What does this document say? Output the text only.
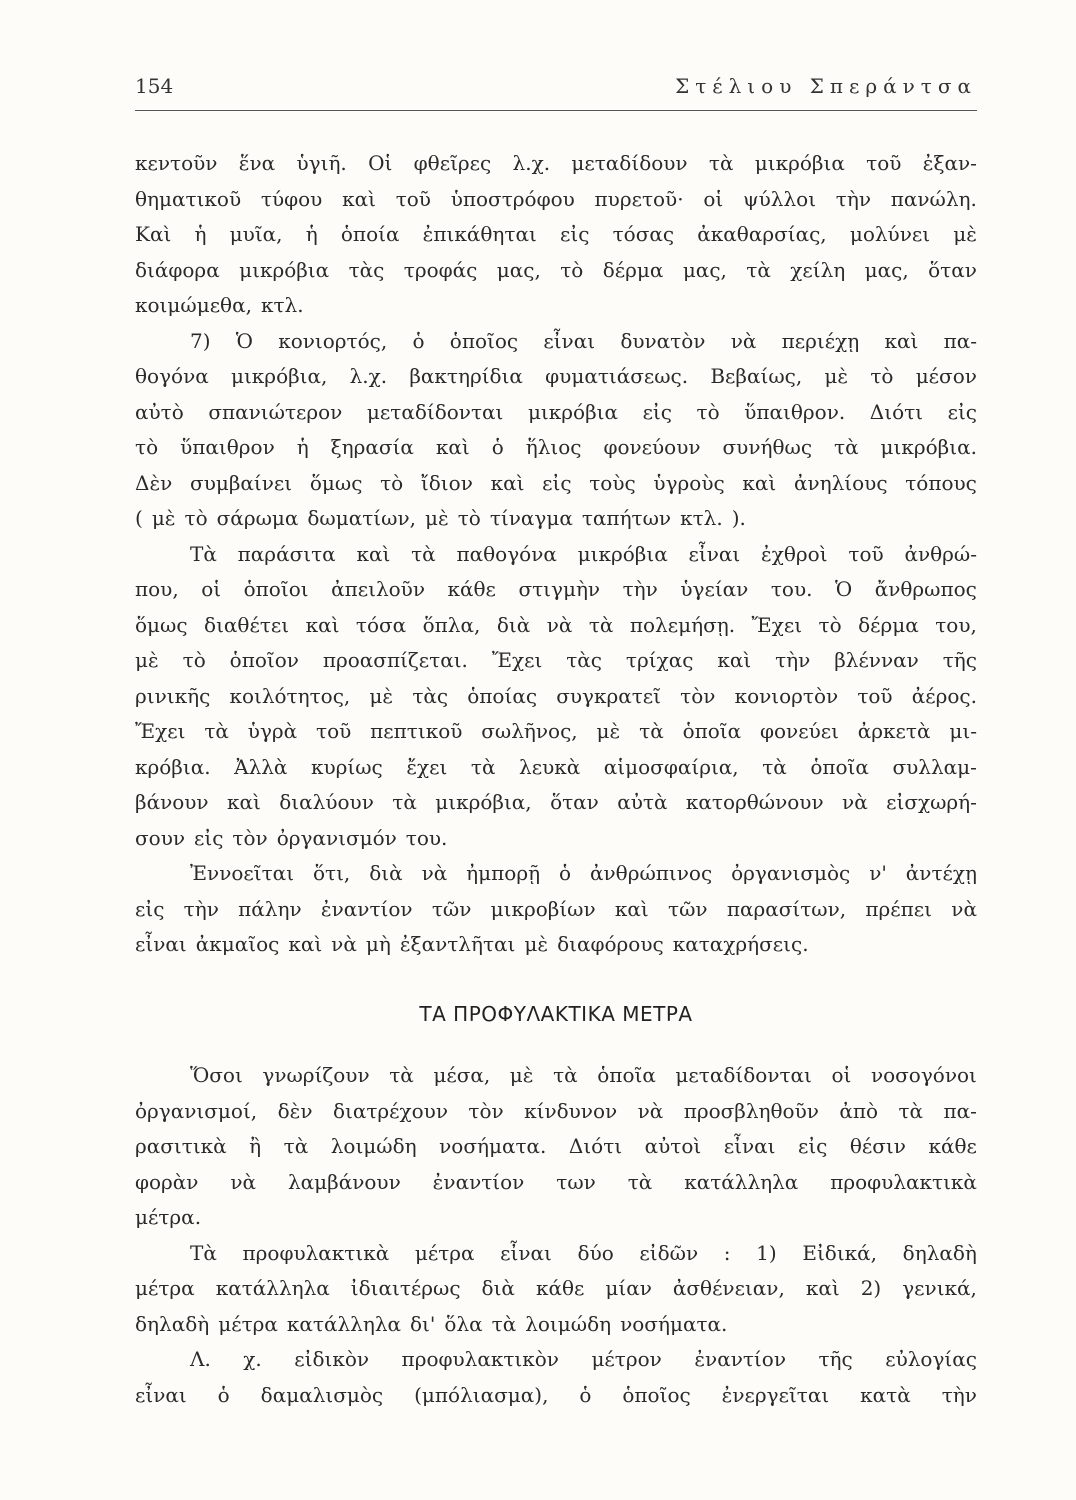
154	Στέλιου Σπεράντσα
κεντοῦν ἕνα ὑγιῆ. Οἱ φθεῖρες λ.χ. μεταδίδουν τὰ μικρόβια τοῦ ἐξαν-
θηματικοῦ τύφου καὶ τοῦ ὑποστρόφου πυρετοῦ· οἱ ψύλλοι τὴν πανώλη.
Καὶ ἡ μυῖα, ἡ ὁποία ἐπικάθηται εἰς τόσας ἀκαθαρσίας, μολύνει μὲ
διάφορα μικρόβια τὰς τροφάς μας, τὸ δέρμα μας, τὰ χείλη μας, ὅταν
κοιμώμεθα, κτλ.
7) Ὁ κονιορτός, ὁ ὁποῖος εἶναι δυνατὸν νὰ περιέχῃ καὶ πα-
θογόνα μικρόβια, λ.χ. βακτηρίδια φυματιάσεως. Βεβαίως, μὲ τὸ μέσον
αὐτὸ σπανιώτερον μεταδίδονται μικρόβια εἰς τὸ ὕπαιθρον. Διότι εἰς
τὸ ὕπαιθρον ἡ ξηρασία καὶ ὁ ἥλιος φονεύουν συνήθως τὰ μικρόβια.
Δὲν συμβαίνει ὅμως τὸ ἴδιον καὶ εἰς τοὺς ὑγροὺς καὶ ἀνηλίους τόπους
( μὲ τὸ σάρωμα δωματίων, μὲ τὸ τίναγμα ταπήτων κτλ. ).
Τὰ παράσιτα καὶ τὰ παθογόνα μικρόβια εἶναι ἐχθροὶ τοῦ ἀνθρώ-
που, οἱ ὁποῖοι ἀπειλοῦν κάθε στιγμὴν τὴν ὑγείαν του. Ὁ ἄνθρωπος
ὅμως διαθέτει καὶ τόσα ὅπλα, διὰ νὰ τὰ πολεμήσῃ. Ἔχει τὸ δέρμα του,
μὲ τὸ ὁποῖον προασπίζεται. Ἔχει τὰς τρίχας καὶ τὴν βλένναν τῆς
ρινικῆς κοιλότητος, μὲ τὰς ὁποίας συγκρατεῖ τὸν κονιορτὸν τοῦ ἀέρος.
Ἔχει τὰ ὑγρὰ τοῦ πεπτικοῦ σωλῆνος, μὲ τὰ ὁποῖα φονεύει ἀρκετὰ μι-
κρόβια. Ἀλλὰ κυρίως ἔχει τὰ λευκὰ αἱμοσφαίρια, τὰ ὁποῖα συλλαμ-
βάνουν καὶ διαλύουν τὰ μικρόβια, ὅταν αὐτὰ κατορθώνουν νὰ εἰσχωρή-
σουν εἰς τὸν ὀργανισμόν του.
Ἐννοεῖται ὅτι, διὰ νὰ ἠμπορῇ ὁ ἀνθρώπινος ὀργανισμὸς ν' ἀντέχῃ
εἰς τὴν πάλην ἐναντίον τῶν μικροβίων καὶ τῶν παρασίτων, πρέπει νὰ
εἶναι ἀκμαῖος καὶ νὰ μὴ ἐξαντλῆται μὲ διαφόρους καταχρήσεις.
ΤΑ ΠΡΟΦΥΛΑΚΤΙΚΑ ΜΕΤΡΑ
Ὅσοι γνωρίζουν τὰ μέσα, μὲ τὰ ὁποῖα μεταδίδονται οἱ νοσογόνοι
ὀργανισμοί, δὲν διατρέχουν τὸν κίνδυνον νὰ προσβληθοῦν ἀπὸ τὰ πα-
ρασιτικὰ ἢ τὰ λοιμώδη νοσήματα. Διότι αὐτοὶ εἶναι εἰς θέσιν κάθε
φορὰν νὰ λαμβάνουν ἐναντίον των τὰ κατάλληλα προφυλακτικὰ
μέτρα.
Τὰ προφυλακτικὰ μέτρα εἶναι δύο εἰδῶν : 1) Εἰδικά, δηλαδὴ
μέτρα κατάλληλα ἰδιαιτέρως διὰ κάθε μίαν ἀσθένειαν, καὶ 2) γενικά,
δηλαδὴ μέτρα κατάλληλα δι' ὅλα τὰ λοιμώδη νοσήματα.
Λ. χ. εἰδικὸν προφυλακτικὸν μέτρον ἐναντίον τῆς εὐλογίας
εἶναι ὁ δαμαλισμὸς (μπόλιασμα), ὁ ὁποῖος ἐνεργεῖται κατὰ τὴν
